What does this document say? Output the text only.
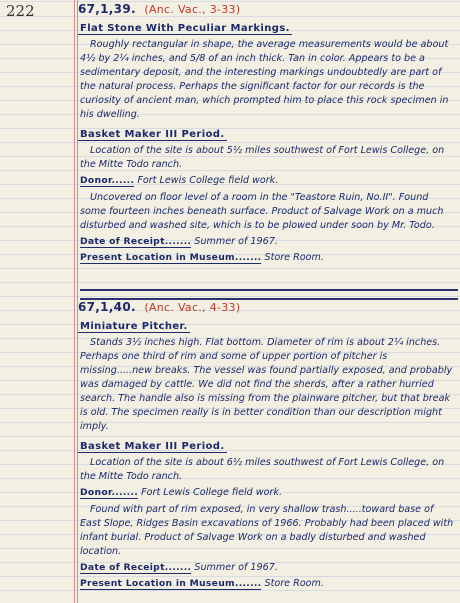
222	67,1,39. (Anc. Vac., 3-33)
Flat Stone With Peculiar Markings.

Roughly rectangular in shape, the average measurements would be about 4½ by 2¼ inches, and 5/8 of an inch thick. Tan in color. Appears to be a sedimentary deposit, and the interesting markings undoubtedly are part of the natural process. Perhaps the significant factor for our records is the curiosity of ancient man, which prompted him to place this rock specimen in his dwelling.

Basket Maker III Period.

Location of the site is about 5½ miles southwest of Fort Lewis College, on the Mitte Todo ranch.

Donor...... Fort Lewis College field work.

Uncovered on floor level of a room in the "Teastore Ruin, No.II". Found some fourteen inches beneath surface. Product of Salvage Work on a much disturbed and washed site, which is to be plowed under soon by Mr. Todo.

Date of Receipt....... Summer of 1967.
Present Location in Museum....... Store Room.
67,1,40. (Anc. Vac., 4-33)
Miniature Pitcher.

Stands 3½ inches high. Flat bottom. Diameter of rim is about 2¼ inches. Perhaps one third of rim and some of upper portion of pitcher is missing.....new breaks. The vessel was found partially exposed, and probably was damaged by cattle. We did not find the sherds, after a rather hurried search. The handle also is missing from the plainware pitcher, but that break is old. The specimen really is in better condition than our description might imply.

Basket Maker III Period.

Location of the site is about 6½ miles southwest of Fort Lewis College, on the Mitte Todo ranch.

Donor....... Fort Lewis College field work.

Found with part of rim exposed, in very shallow trash.....toward base of East Slope, Ridges Basin excavations of 1966. Probably had been placed with infant burial. Product of Salvage Work on a badly disturbed and washed location.

Date of Receipt....... Summer of 1967.
Present Location in Museum....... Store Room.
